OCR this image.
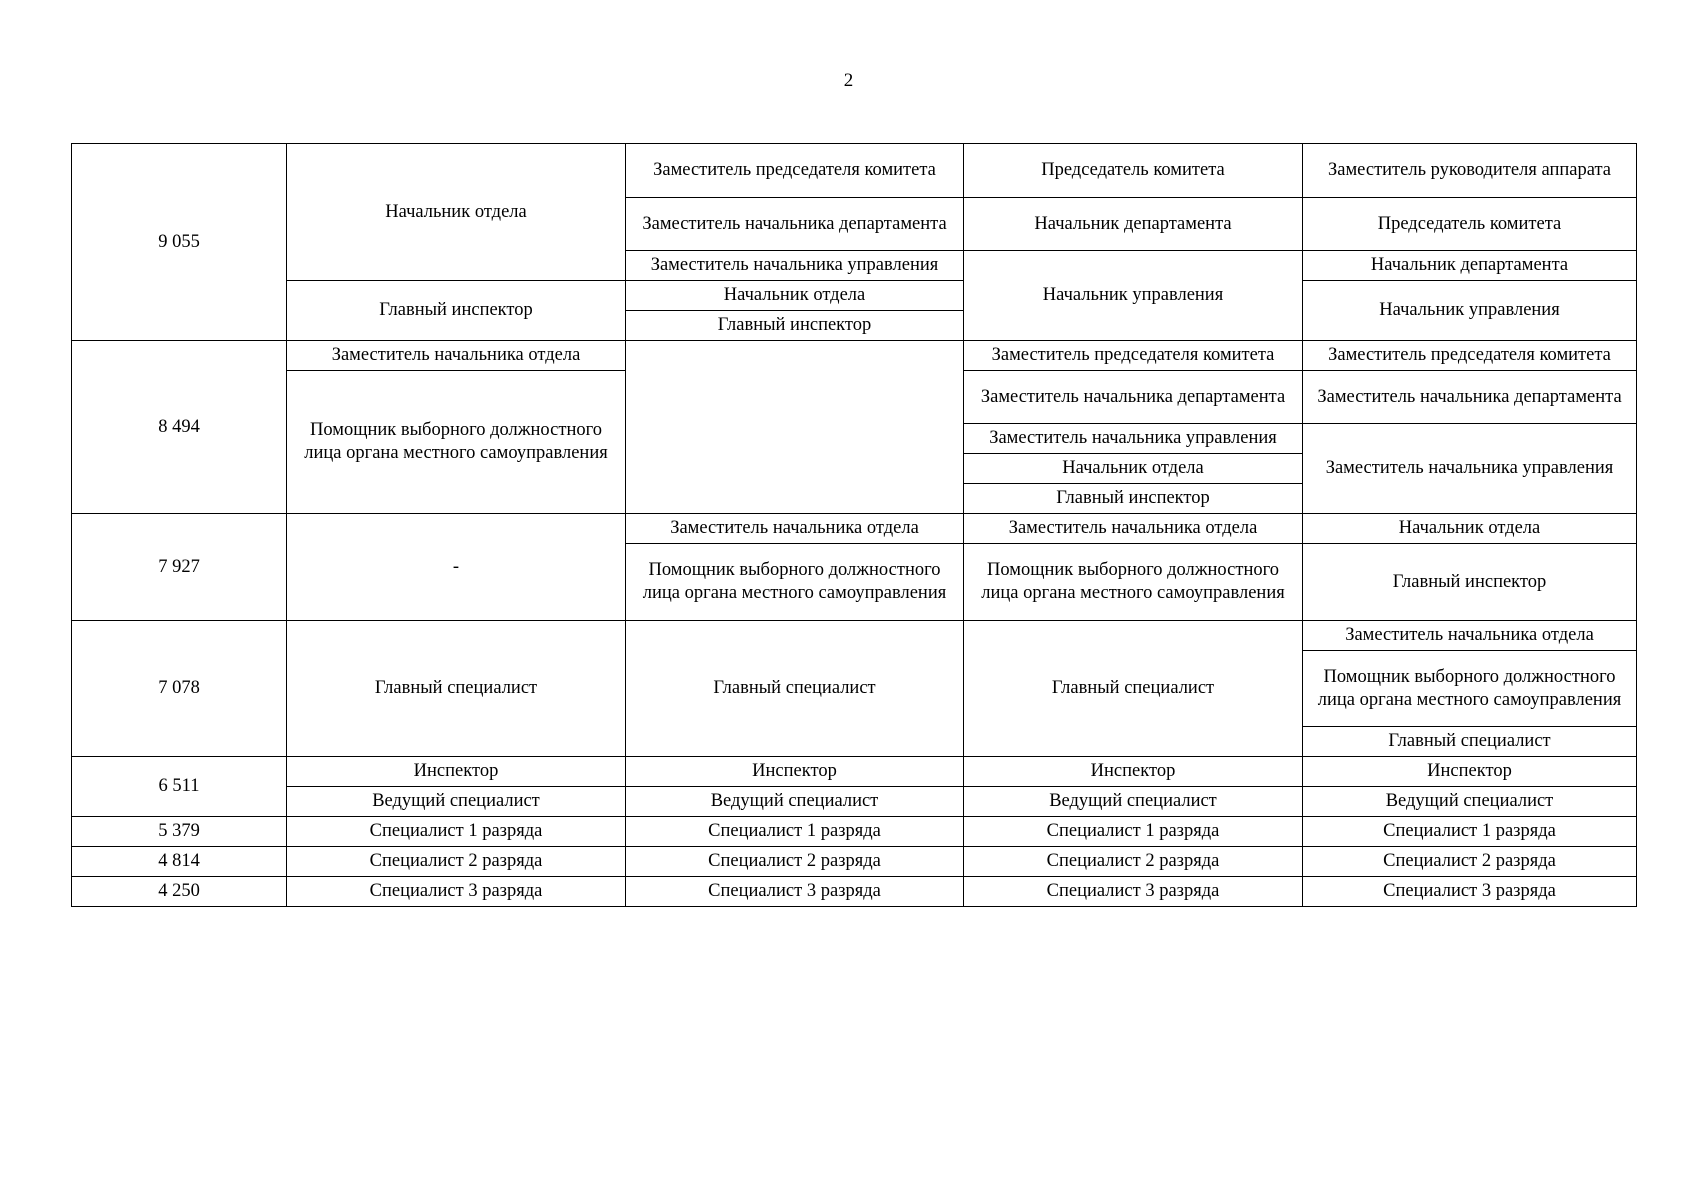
2
9 055	Начальник отдела	Заместитель председателя комитета	Председатель комитета	Заместитель руководителя аппарата
		Заместитель начальника департамента	Начальник департамента	Председатель комитета
		Заместитель начальника управления	Начальник управления	Начальник департамента
	Главный инспектор	Начальник отдела		Начальник управления
		Главный инспектор		
8 494	Заместитель начальника отдела		Заместитель председателя комитета	Заместитель председателя комитета
	Помощник выборного должностного лица органа местного самоуправления		Заместитель начальника департамента	Заместитель начальника департамента
			Заместитель начальника управления	Заместитель начальника управления
			Начальник отдела	
			Главный инспектор	
7 927	-	Заместитель начальника отдела	Заместитель начальника отдела	Начальник отдела
		Помощник выборного должностного лица органа местного самоуправления	Помощник выборного должностного лица органа местного самоуправления	Главный инспектор
7 078	Главный специалист	Главный специалист	Главный специалист	Заместитель начальника отдела
				Помощник выборного должностного лица органа местного самоуправления
				Главный специалист
6 511	Инспектор	Инспектор	Инспектор	Инспектор
	Ведущий специалист	Ведущий специалист	Ведущий специалист	Ведущий специалист
5 379	Специалист 1 разряда	Специалист 1 разряда	Специалист 1 разряда	Специалист 1 разряда
4 814	Специалист 2 разряда	Специалист 2 разряда	Специалист 2 разряда	Специалист 2 разряда
4 250	Специалист 3 разряда	Специалист 3 разряда	Специалист 3 разряда	Специалист 3 разряда
